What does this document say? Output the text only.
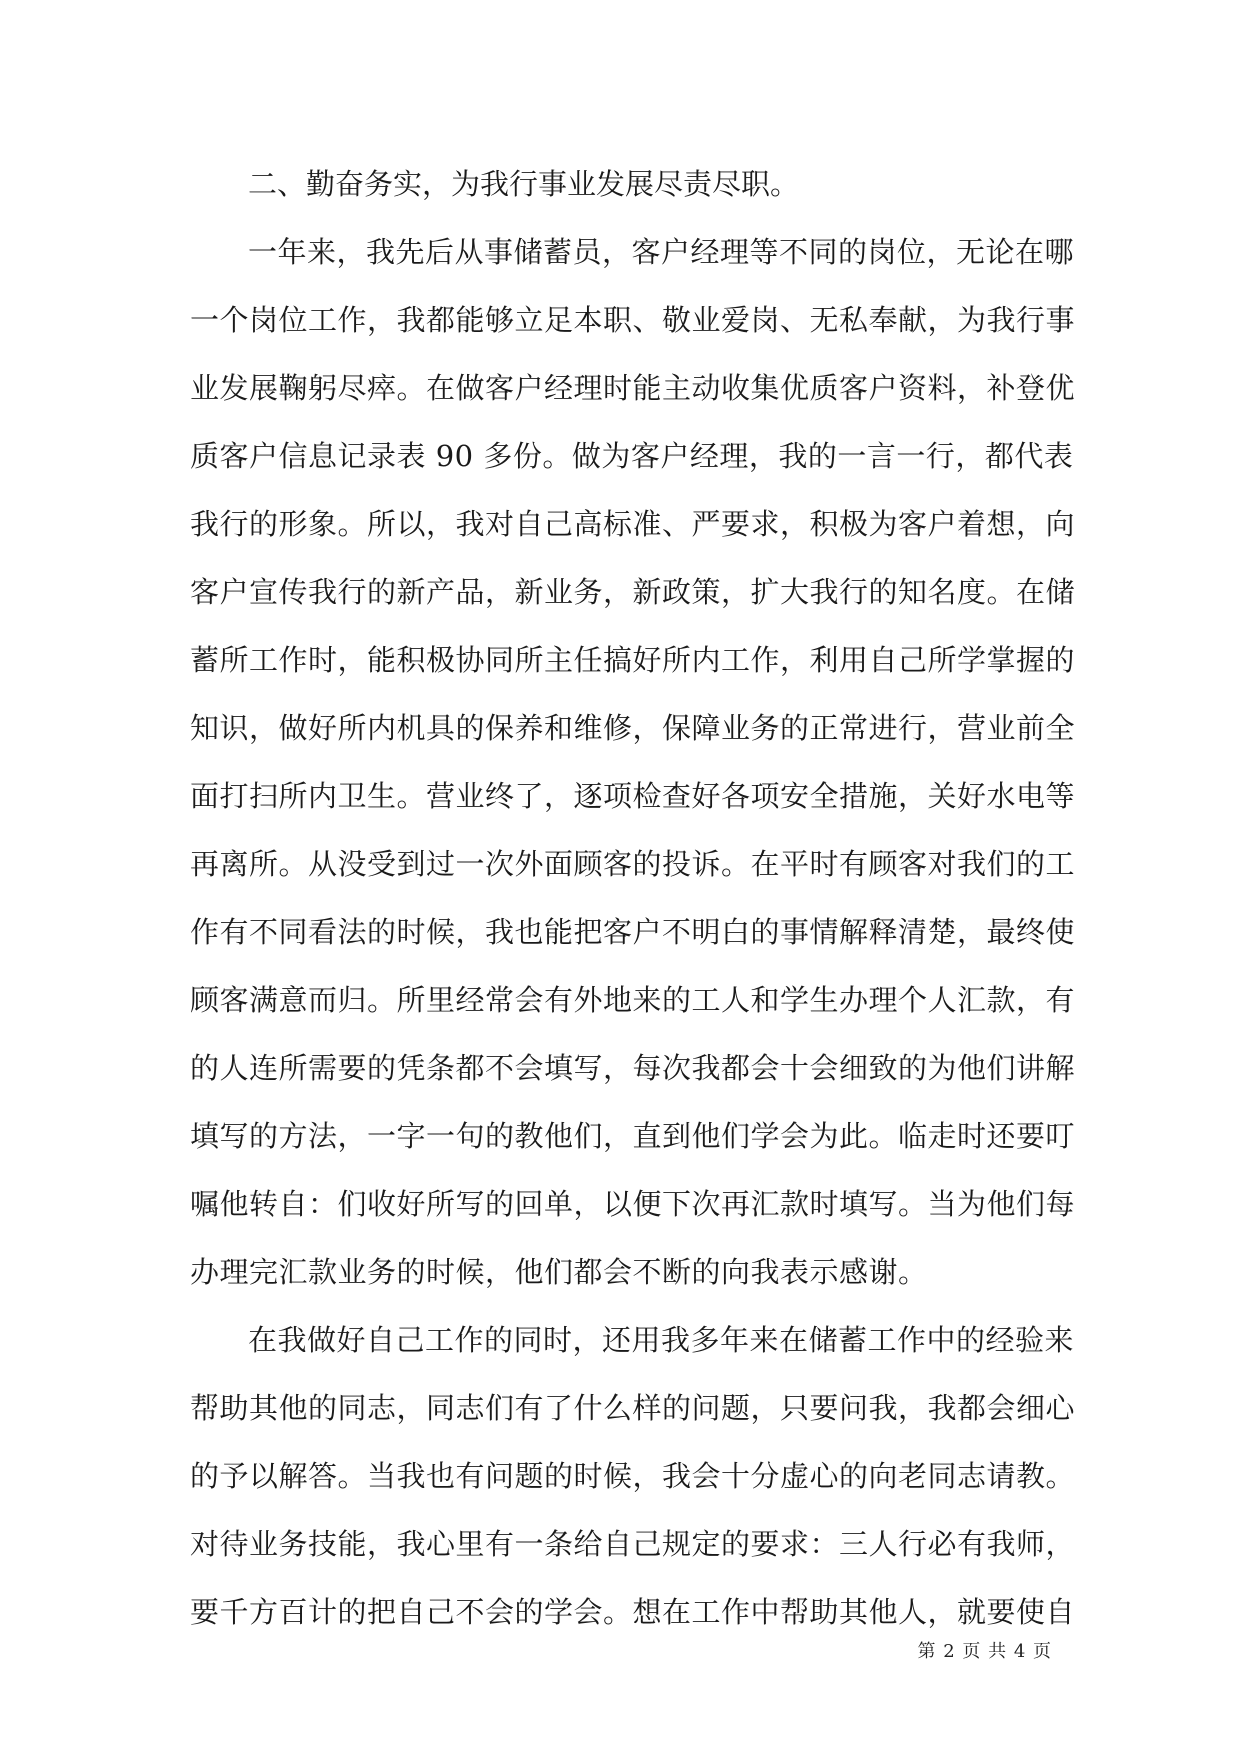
二、勤奋务实，为我行事业发展尽责尽职。
一年来，我先后从事储蓄员，客户经理等不同的岗位，无论在哪
一个岗位工作，我都能够立足本职、敬业爱岗、无私奉献，为我行事
业发展鞠躬尽瘁。在做客户经理时能主动收集优质客户资料，补登优
质客户信息记录表 90 多份。做为客户经理，我的一言一行，都代表
我行的形象。所以，我对自己高标准、严要求，积极为客户着想，向
客户宣传我行的新产品，新业务，新政策，扩大我行的知名度。在储
蓄所工作时，能积极协同所主任搞好所内工作，利用自己所学掌握的
知识，做好所内机具的保养和维修，保障业务的正常进行，营业前全
面打扫所内卫生。营业终了，逐项检查好各项安全措施，关好水电等
再离所。从没受到过一次外面顾客的投诉。在平时有顾客对我们的工
作有不同看法的时候，我也能把客户不明白的事情解释清楚，最终使
顾客满意而归。所里经常会有外地来的工人和学生办理个人汇款，有
的人连所需要的凭条都不会填写，每次我都会十会细致的为他们讲解
填写的方法，一字一句的教他们，直到他们学会为此。临走时还要叮
嘱他转自：们收好所写的回单，以便下次再汇款时填写。当为他们每
办理完汇款业务的时候，他们都会不断的向我表示感谢。
在我做好自己工作的同时，还用我多年来在储蓄工作中的经验来
帮助其他的同志，同志们有了什么样的问题，只要问我，我都会细心
的予以解答。当我也有问题的时候，我会十分虚心的向老同志请教。
对待业务技能，我心里有一条给自己规定的要求：三人行必有我师，
要千方百计的把自己不会的学会。想在工作中帮助其他人，就要使自
第 2 页 共 4 页
